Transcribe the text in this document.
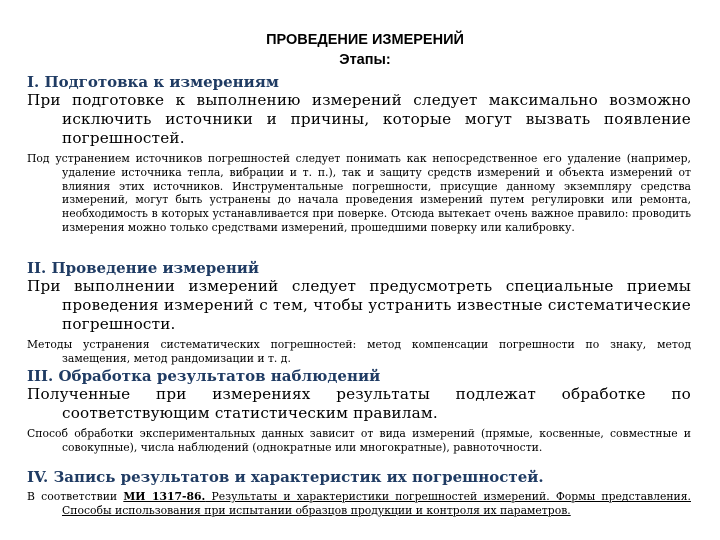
ПРОВЕДЕНИЕ ИЗМЕРЕНИЙ
Этапы:
I. Подготовка к измерениям
При подготовке к выполнению измерений следует максимально возможно исключить источники и причины, которые могут вызвать появление погрешностей.
Под устранением источников погрешностей следует понимать как непосредственное его удаление (например, удаление источника тепла, вибрации и т. п.), так и защиту средств измерений и объекта измерений от влияния этих источников. Инструментальные погрешности, присущие данному экземпляру средства измерений, могут быть устранены до начала проведения измерений путем регулировки или ремонта, необходимость в которых устанавливается при поверке. Отсюда вытекает очень важное правило: проводить измерения можно только средствами измерений, прошедшими поверку или калибровку.
II. Проведение измерений
При выполнении измерений следует предусмотреть специальные приемы проведения измерений с тем, чтобы устранить известные систематические погрешности.
Методы устранения систематических погрешностей: метод компенсации погрешности по знаку, метод замещения, метод рандомизации и т. д.
III. Обработка результатов наблюдений
Полученные при измерениях результаты подлежат обработке по соответствующим статистическим правилам.
Способ обработки экспериментальных данных зависит от вида измерений (прямые, косвенные, совместные и совокупные), числа наблюдений (однократные или многократные), равноточности.
IV. Запись результатов и характеристик их погрешностей.
В соответствии МИ 1317-86. Результаты и характеристики погрешностей измерений. Формы представления. Способы использования при испытании образцов продукции и контроля их параметров.
